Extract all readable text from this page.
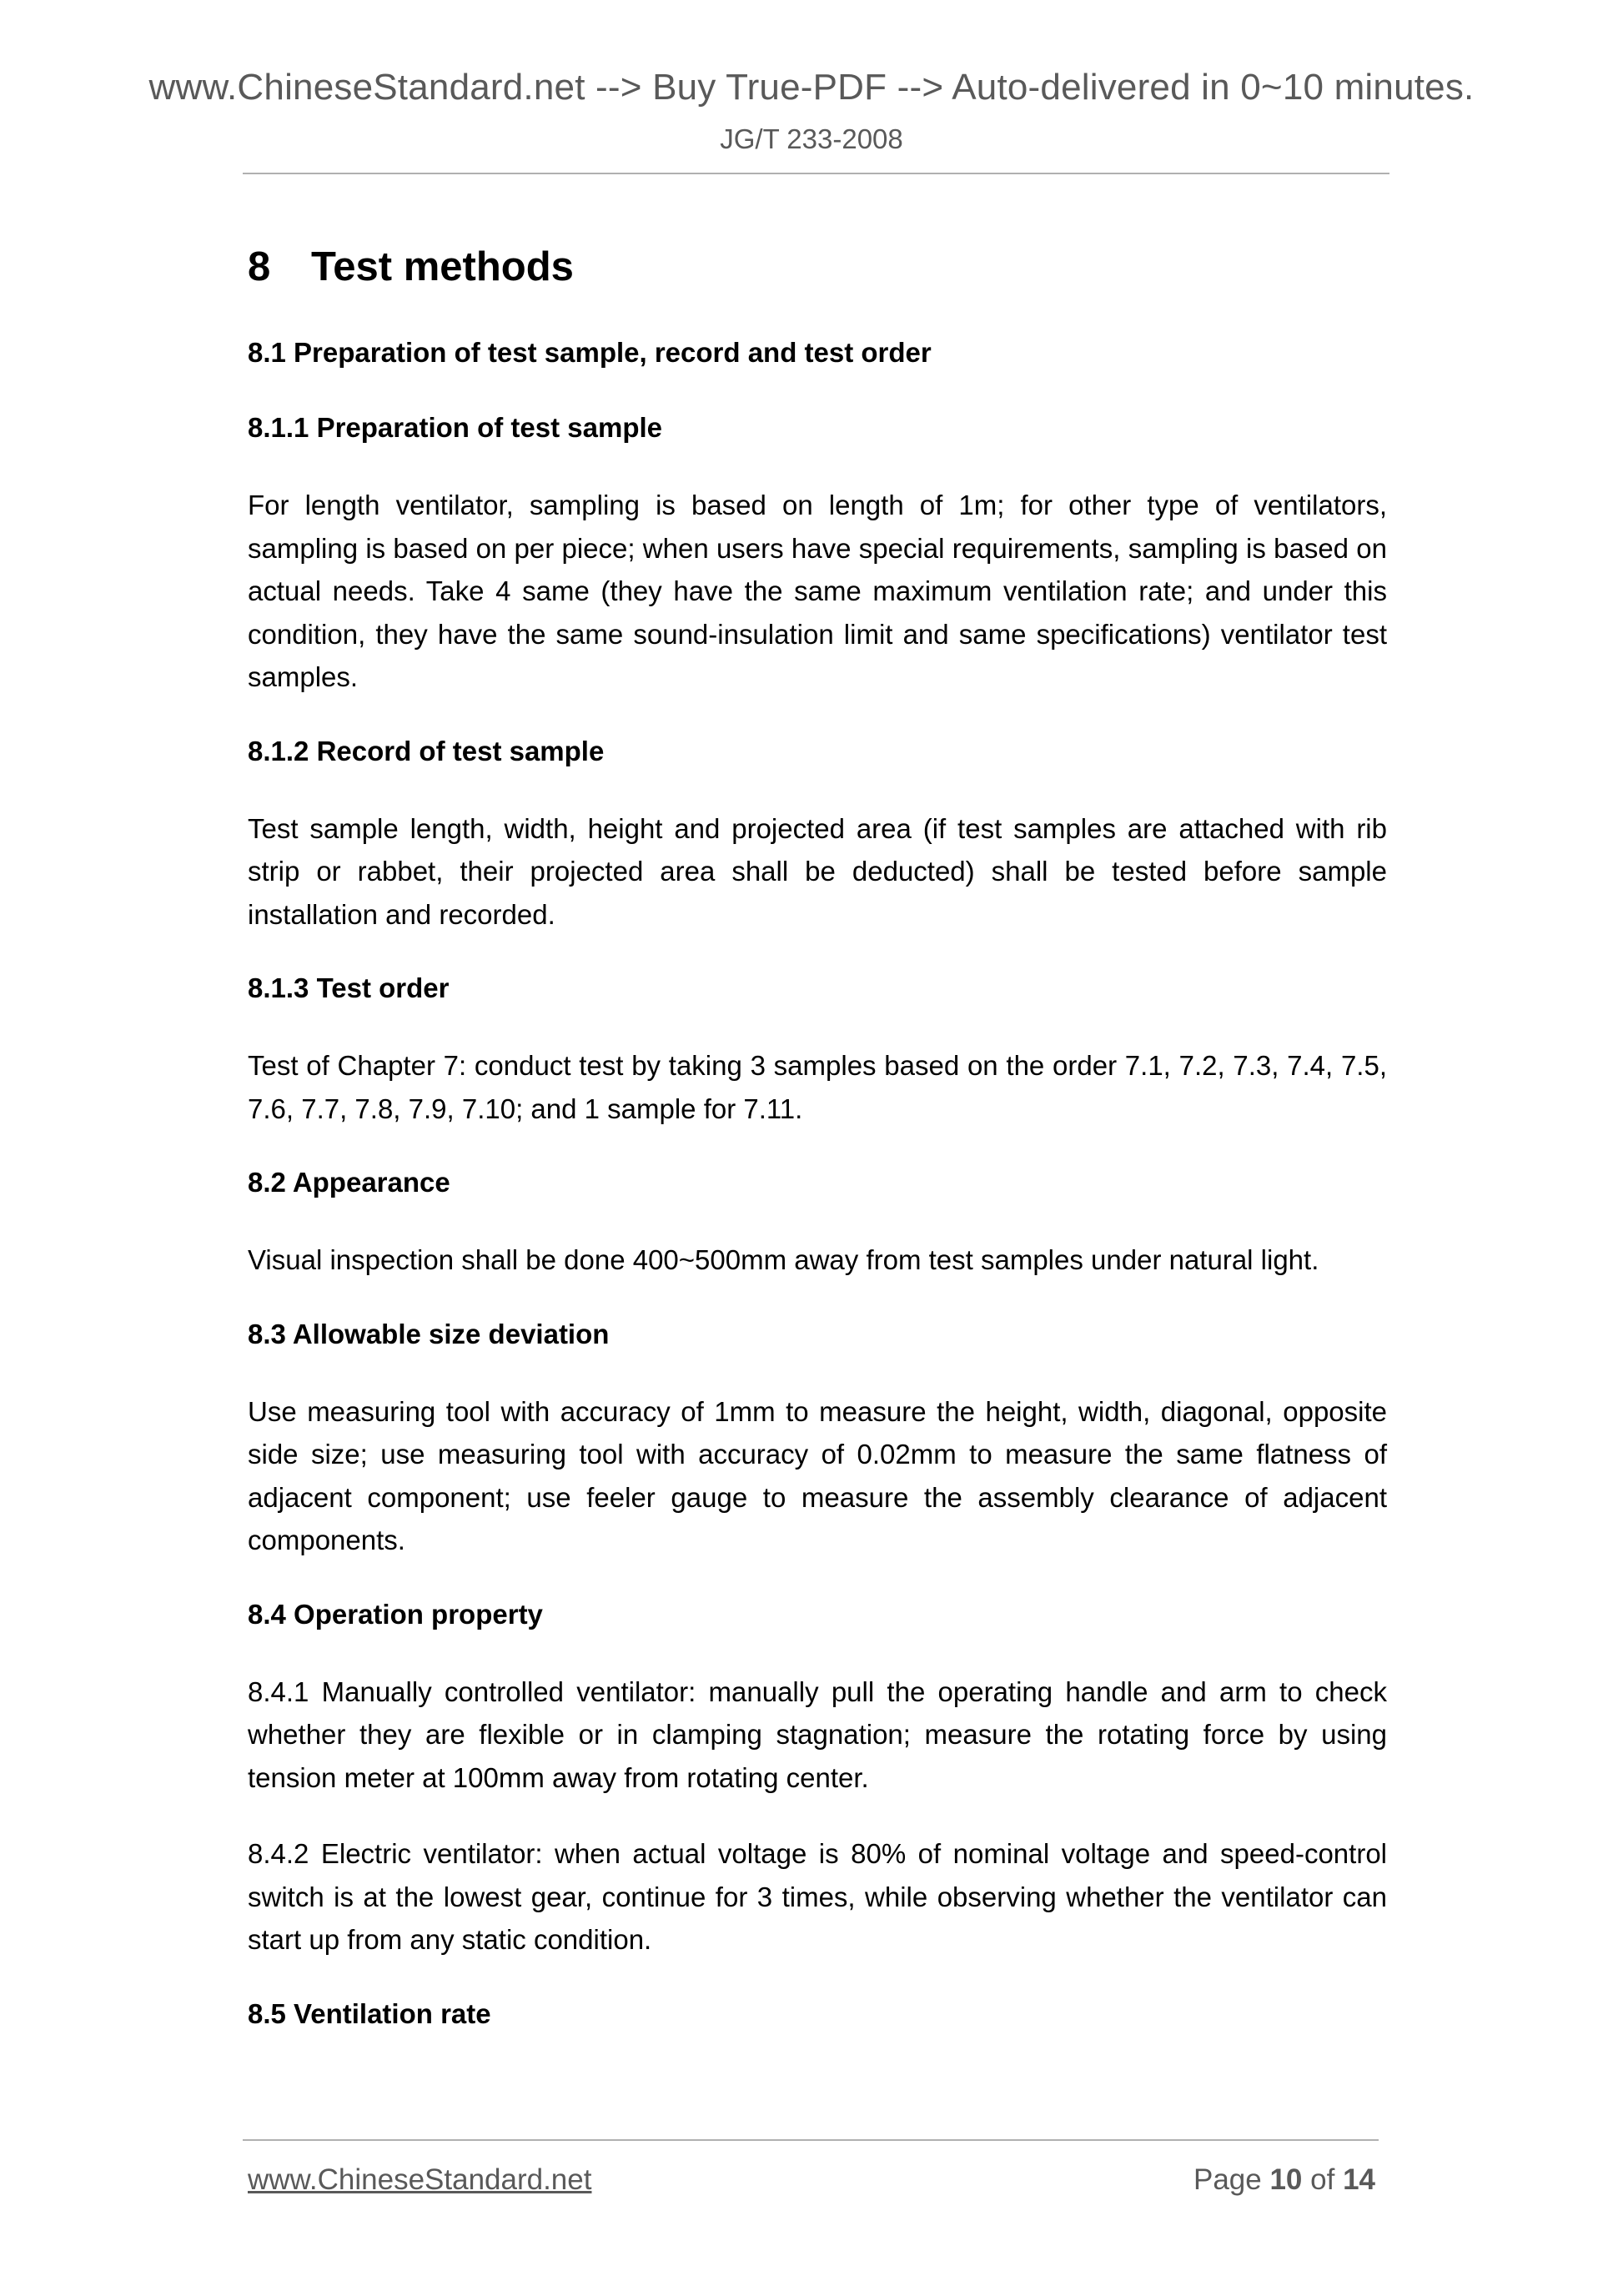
www.ChineseStandard.net --> Buy True-PDF --> Auto-delivered in 0~10 minutes.
JG/T 233-2008
8 Test methods
8.1 Preparation of test sample, record and test order
8.1.1 Preparation of test sample

For length ventilator, sampling is based on length of 1m; for other type of ventilators, sampling is based on per piece; when users have special requirements, sampling is based on actual needs. Take 4 same (they have the same maximum ventilation rate; and under this condition, they have the same sound-insulation limit and same specifications) ventilator test samples.

8.1.2 Record of test sample

Test sample length, width, height and projected area (if test samples are attached with rib strip or rabbet, their projected area shall be deducted) shall be tested before sample installation and recorded.

8.1.3 Test order

Test of Chapter 7: conduct test by taking 3 samples based on the order 7.1, 7.2, 7.3, 7.4, 7.5, 7.6, 7.7, 7.8, 7.9, 7.10; and 1 sample for 7.11.

8.2 Appearance

Visual inspection shall be done 400~500mm away from test samples under natural light.

8.3 Allowable size deviation

Use measuring tool with accuracy of 1mm to measure the height, width, diagonal, opposite side size; use measuring tool with accuracy of 0.02mm to measure the same flatness of adjacent component; use feeler gauge to measure the assembly clearance of adjacent components.

8.4 Operation property

8.4.1 Manually controlled ventilator: manually pull the operating handle and arm to check whether they are flexible or in clamping stagnation; measure the rotating force by using tension meter at 100mm away from rotating center.

8.4.2 Electric ventilator: when actual voltage is 80% of nominal voltage and speed-control switch is at the lowest gear, continue for 3 times, while observing whether the ventilator can start up from any static condition.

8.5 Ventilation rate
www.ChineseStandard.net	Page 10 of 14
